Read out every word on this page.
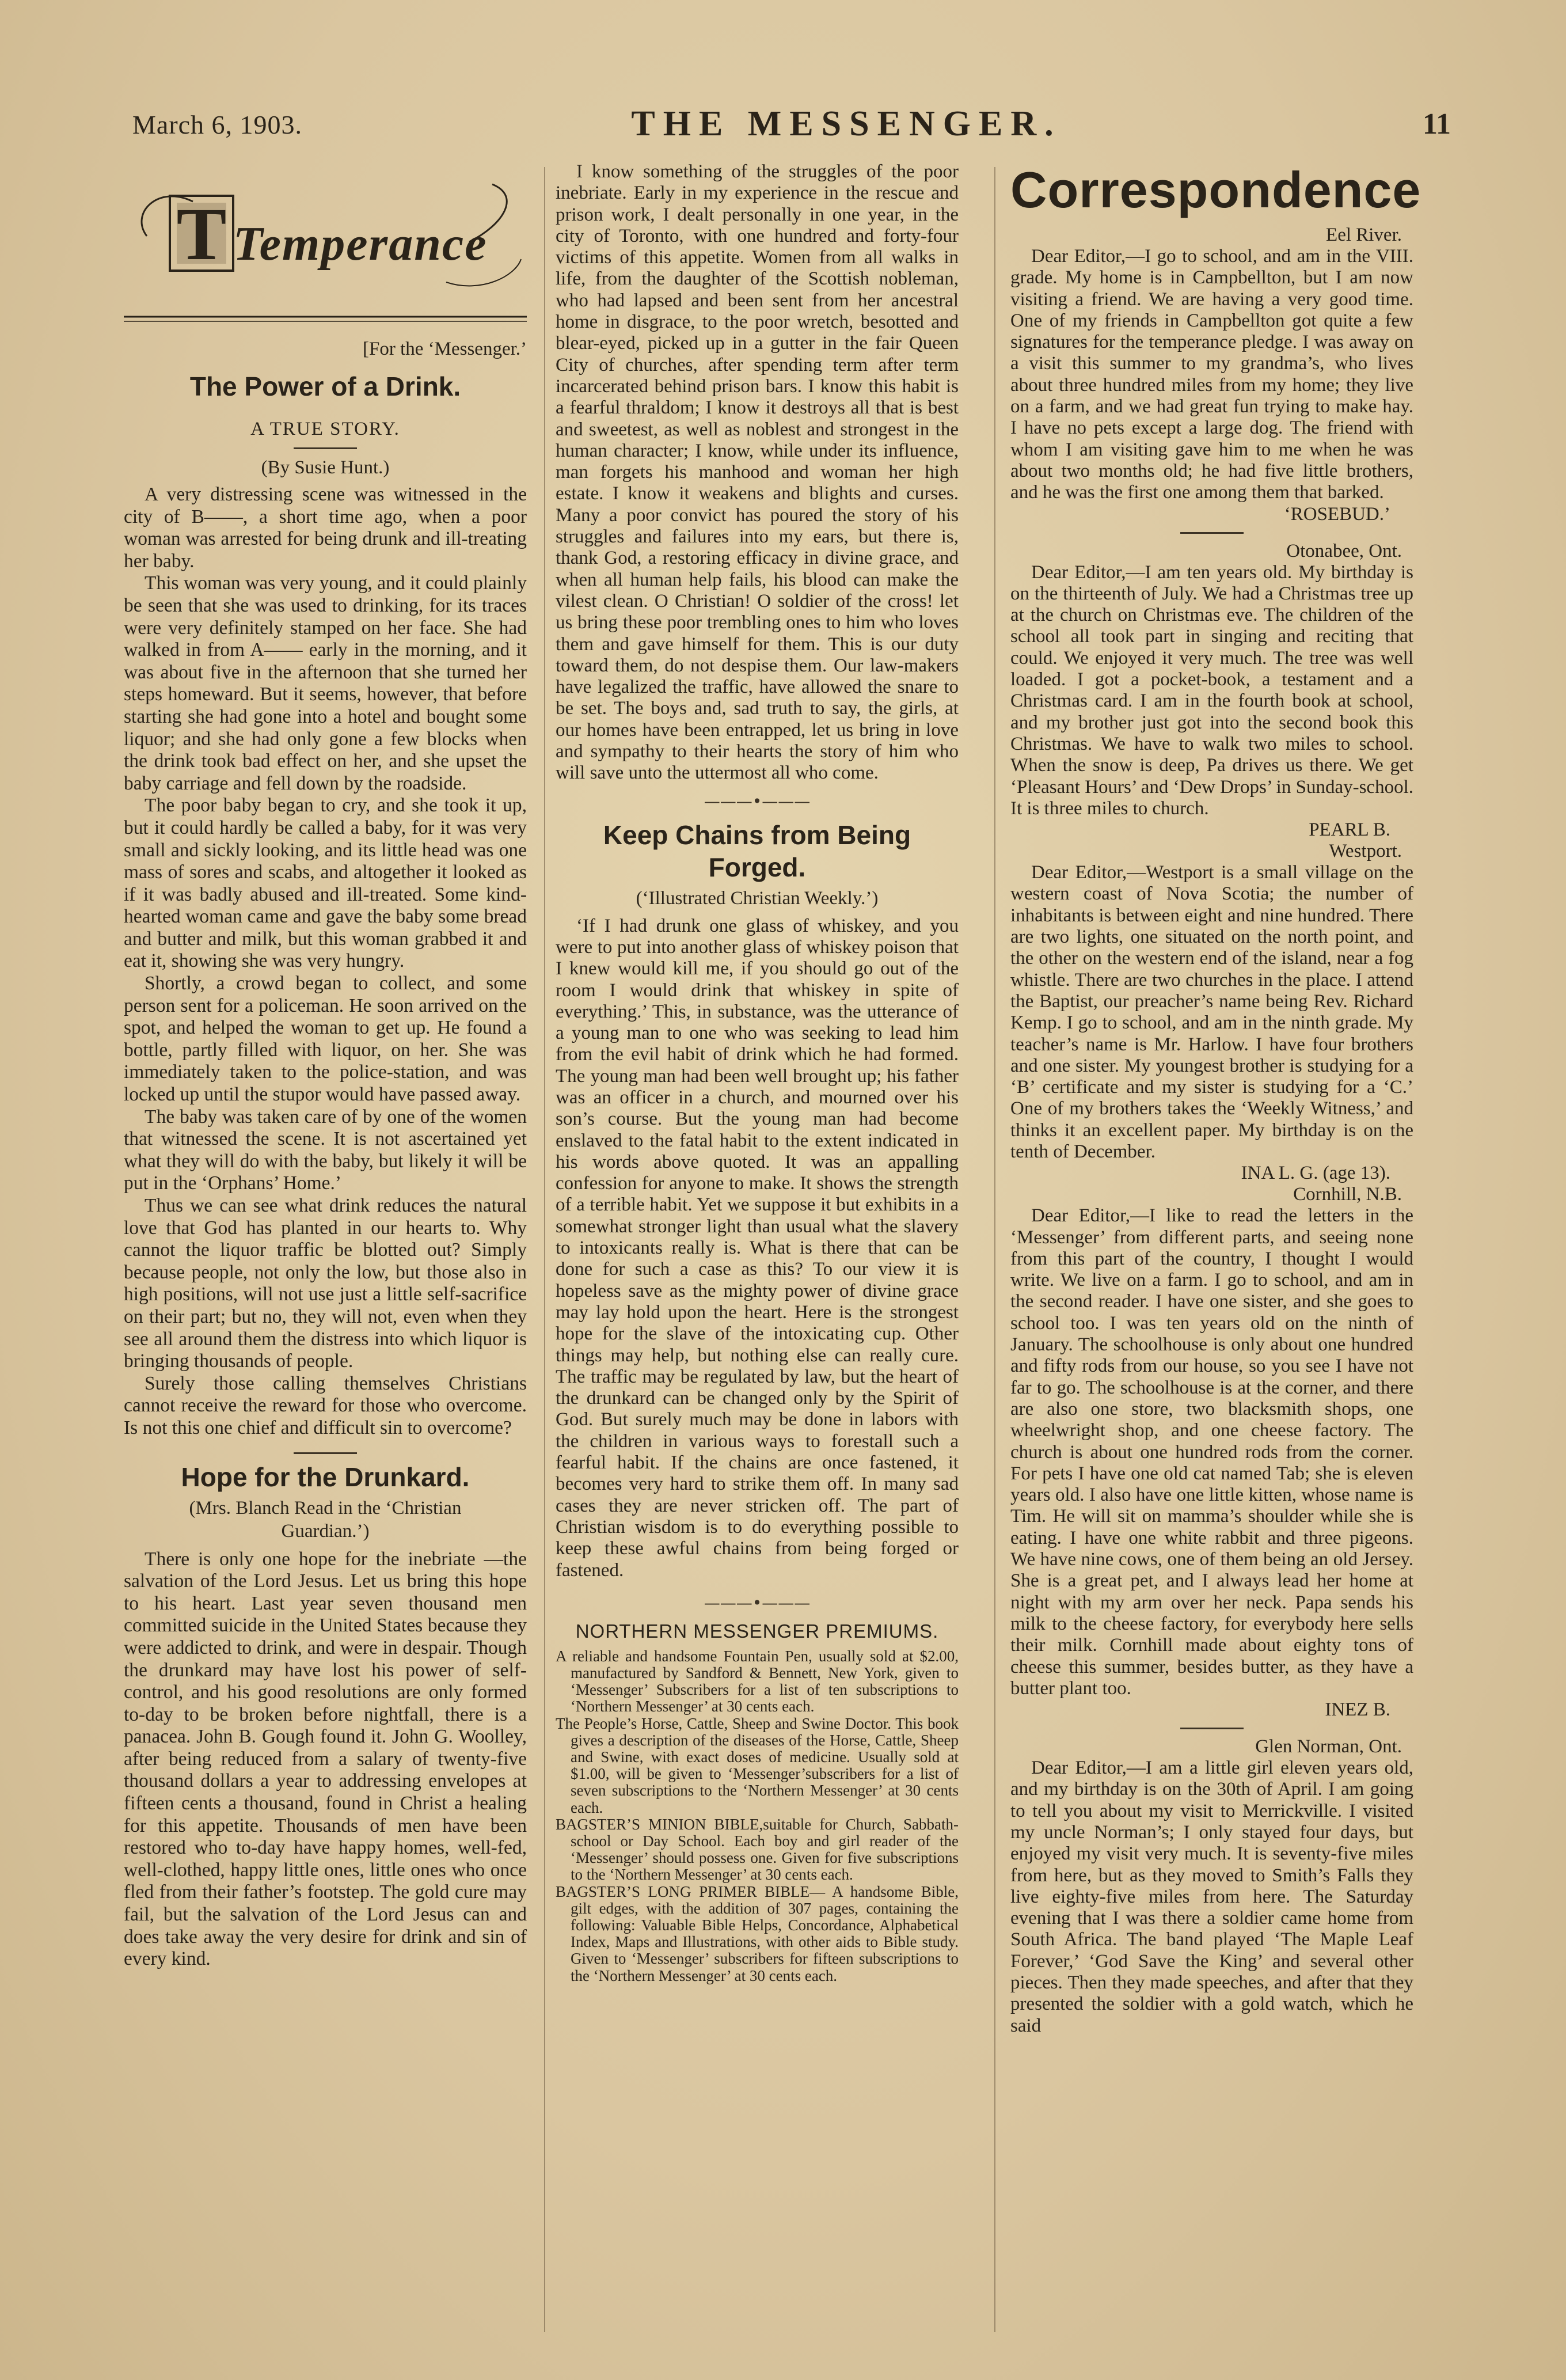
March 6, 1903.	THE MESSENGER.	11
T Temperance
[For the ‘Messenger.’
The Power of a Drink.
A TRUE STORY.
(By Susie Hunt.)

A very distressing scene was witnessed in the city of B——, a short time ago, when a poor woman was arrested for being drunk and ill-treating her baby.

This woman was very young, and it could plainly be seen that she was used to drinking, for its traces were very definitely stamped on her face. She had walked in from A—— early in the morning, and it was about five in the afternoon that she turned her steps homeward. But it seems, however, that before starting she had gone into a hotel and bought some liquor; and she had only gone a few blocks when the drink took bad effect on her, and she upset the baby carriage and fell down by the roadside.

The poor baby began to cry, and she took it up, but it could hardly be called a baby, for it was very small and sickly looking, and its little head was one mass of sores and scabs, and altogether it looked as if it was badly abused and ill-treated. Some kind-hearted woman came and gave the baby some bread and butter and milk, but this woman grabbed it and eat it, showing she was very hungry.

Shortly, a crowd began to collect, and some person sent for a policeman. He soon arrived on the spot, and helped the woman to get up. He found a bottle, partly filled with liquor, on her. She was immediately taken to the police-station, and was locked up until the stupor would have passed away.

The baby was taken care of by one of the women that witnessed the scene. It is not ascertained yet what they will do with the baby, but likely it will be put in the ‘Orphans’ Home.’

Thus we can see what drink reduces the natural love that God has planted in our hearts to. Why cannot the liquor traffic be blotted out? Simply because people, not only the low, but those also in high positions, will not use just a little self-sacrifice on their part; but no, they will not, even when they see all around them the distress into which liquor is bringing thousands of people.

Surely those calling themselves Christians cannot receive the reward for those who overcome. Is not this one chief and difficult sin to overcome?

Hope for the Drunkard.
(Mrs. Blanch Read in the ‘Christian Guardian.’)

There is only one hope for the inebriate —the salvation of the Lord Jesus. Let us bring this hope to his heart. Last year seven thousand men committed suicide in the United States because they were addicted to drink, and were in despair. Though the drunkard may have lost his power of self-control, and his good resolutions are only formed to-day to be broken before nightfall, there is a panacea. John B. Gough found it. John G. Woolley, after being reduced from a salary of twenty-five thousand dollars a year to addressing envelopes at fifteen cents a thousand, found in Christ a healing for this appetite. Thousands of men have been restored who to-day have happy homes, well-fed, well-clothed, happy little ones, little ones who once fled from their father’s footstep. The gold cure may fail, but the salvation of the Lord Jesus can and does take away the very desire for drink and sin of every kind.

I know something of the struggles of the poor inebriate. Early in my experience in the rescue and prison work, I dealt personally in one year, in the city of Toronto, with one hundred and forty-four victims of this appetite. Women from all walks in life, from the daughter of the Scottish nobleman, who had lapsed and been sent from her ancestral home in disgrace, to the poor wretch, besotted and blear-eyed, picked up in a gutter in the fair Queen City of churches, after spending term after term incarcerated behind prison bars. I know this habit is a fearful thraldom; I know it destroys all that is best and sweetest, as well as noblest and strongest in the human character; I know, while under its influence, man forgets his manhood and woman her high estate. I know it weakens and blights and curses. Many a poor convict has poured the story of his struggles and failures into my ears, but there is, thank God, a restoring efficacy in divine grace, and when all human help fails, his blood can make the vilest clean. O Christian! O soldier of the cross! let us bring these poor trembling ones to him who loves them and gave himself for them. This is our duty toward them, do not despise them. Our law-makers have legalized the traffic, have allowed the snare to be set. The boys and, sad truth to say, the girls, at our homes have been entrapped, let us bring in love and sympathy to their hearts the story of him who will save unto the uttermost all who come.

———•———
Keep Chains from Being Forged.
(‘Illustrated Christian Weekly.’)

‘If I had drunk one glass of whiskey, and you were to put into another glass of whiskey poison that I knew would kill me, if you should go out of the room I would drink that whiskey in spite of everything.’ This, in substance, was the utterance of a young man to one who was seeking to lead him from the evil habit of drink which he had formed. The young man had been well brought up; his father was an officer in a church, and mourned over his son’s course. But the young man had become enslaved to the fatal habit to the extent indicated in his words above quoted. It was an appalling confession for anyone to make. It shows the strength of a terrible habit. Yet we suppose it but exhibits in a somewhat stronger light than usual what the slavery to intoxicants really is. What is there that can be done for such a case as this? To our view it is hopeless save as the mighty power of divine grace may lay hold upon the heart. Here is the strongest hope for the slave of the intoxicating cup. Other things may help, but nothing else can really cure. The traffic may be regulated by law, but the heart of the drunkard can be changed only by the Spirit of God. But surely much may be done in labors with the children in various ways to forestall such a fearful habit. If the chains are once fastened, it becomes very hard to strike them off. In many sad cases they are never stricken off. The part of Christian wisdom is to do everything possible to keep these awful chains from being forged or fastened.

———•———
NORTHERN MESSENGER PREMIUMS.

A reliable and handsome Fountain Pen, usually sold at $2.00, manufactured by Sandford & Bennett, New York, given to ‘Messenger’ Subscribers for a list of ten subscriptions to ‘Northern Messenger’ at 30 cents each.

The People’s Horse, Cattle, Sheep and Swine Doctor. This book gives a description of the diseases of the Horse, Cattle, Sheep and Swine, with exact doses of medicine. Usually sold at $1.00, will be given to ‘Messenger’subscribers for a list of seven subscriptions to the ‘Northern Messenger’ at 30 cents each.

BAGSTER’S MINION BIBLE,suitable for Church, Sabbath-school or Day School. Each boy and girl reader of the ‘Messenger’ should possess one. Given for five subscriptions to the ‘Northern Messenger’ at 30 cents each.

BAGSTER’S LONG PRIMER BIBLE— A handsome Bible, gilt edges, with the addition of 307 pages, containing the following: Valuable Bible Helps, Concordance, Alphabetical Index, Maps and Illustrations, with other aids to Bible study. Given to ‘Messenger’ subscribers for fifteen subscriptions to the ‘Northern Messenger’ at 30 cents each.

Correspondence
Eel River.

Dear Editor,—I go to school, and am in the VIII. grade. My home is in Campbellton, but I am now visiting a friend. We are having a very good time. One of my friends in Campbellton got quite a few signatures for the temperance pledge. I was away on a visit this summer to my grandma’s, who lives about three hundred miles from my home; they live on a farm, and we had great fun trying to make hay. I have no pets except a large dog. The friend with whom I am visiting gave him to me when he was about two months old; he had five little brothers, and he was the first one among them that barked.

‘ROSEBUD.’
Otonabee, Ont.

Dear Editor,—I am ten years old. My birthday is on the thirteenth of July. We had a Christmas tree up at the church on Christmas eve. The children of the school all took part in singing and reciting that could. We enjoyed it very much. The tree was well loaded. I got a pocket-book, a testament and a Christmas card. I am in the fourth book at school, and my brother just got into the second book this Christmas. We have to walk two miles to school. When the snow is deep, Pa drives us there. We get ‘Pleasant Hours’ and ‘Dew Drops’ in Sunday-school. It is three miles to church.

PEARL B.
Westport.

Dear Editor,—Westport is a small village on the western coast of Nova Scotia; the number of inhabitants is between eight and nine hundred. There are two lights, one situated on the north point, and the other on the western end of the island, near a fog whistle. There are two churches in the place. I attend the Baptist, our preacher’s name being Rev. Richard Kemp. I go to school, and am in the ninth grade. My teacher’s name is Mr. Harlow. I have four brothers and one sister. My youngest brother is studying for a ‘B’ certificate and my sister is studying for a ‘C.’ One of my brothers takes the ‘Weekly Witness,’ and thinks it an excellent paper. My birthday is on the tenth of December.

INA L. G. (age 13).
Cornhill, N.B.

Dear Editor,—I like to read the letters in the ‘Messenger’ from different parts, and seeing none from this part of the country, I thought I would write. We live on a farm. I go to school, and am in the second reader. I have one sister, and she goes to school too. I was ten years old on the ninth of January. The schoolhouse is only about one hundred and fifty rods from our house, so you see I have not far to go. The schoolhouse is at the corner, and there are also one store, two blacksmith shops, one wheelwright shop, and one cheese factory. The church is about one hundred rods from the corner. For pets I have one old cat named Tab; she is eleven years old. I also have one little kitten, whose name is Tim. He will sit on mamma’s shoulder while she is eating. I have one white rabbit and three pigeons. We have nine cows, one of them being an old Jersey. She is a great pet, and I always lead her home at night with my arm over her neck. Papa sends his milk to the cheese factory, for everybody here sells their milk. Cornhill made about eighty tons of cheese this summer, besides butter, as they have a butter plant too.

INEZ B.
Glen Norman, Ont.

Dear Editor,—I am a little girl eleven years old, and my birthday is on the 30th of April. I am going to tell you about my visit to Merrickville. I visited my uncle Norman’s; I only stayed four days, but enjoyed my visit very much. It is seventy-five miles from here, but as they moved to Smith’s Falls they live eighty-five miles from here. The Saturday evening that I was there a soldier came home from South Africa. The band played ‘The Maple Leaf Forever,’ ‘God Save the King’ and several other pieces. Then they made speeches, and after that they presented the soldier with a gold watch, which he said
